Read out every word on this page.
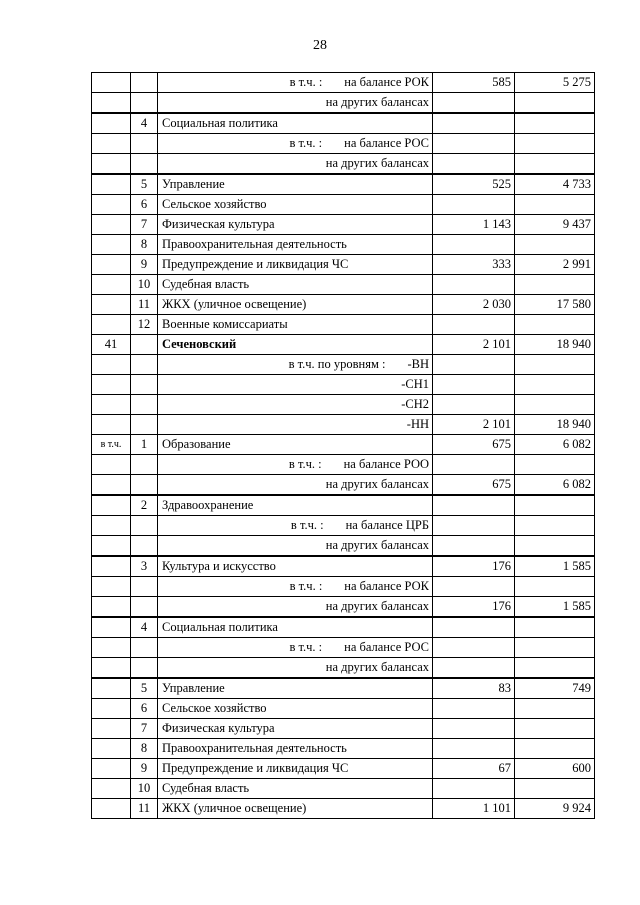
28
		в т.ч. : на балансе РОК	585	5 275
		на других балансах		
	4	Социальная политика		
		в т.ч. : на балансе РОС		
		на других балансах		
	5	Управление	525	4 733
	6	Сельское хозяйство		
	7	Физическая культура	1 143	9 437
	8	Правоохранительная деятельность		
	9	Предупреждение и ликвидация ЧС	333	2 991
	10	Судебная власть		
	11	ЖКХ (уличное освещение)	2 030	17 580
	12	Военные комиссариаты		
41		Сеченовский	2 101	18 940
		в т.ч. по уровням : -ВН		
		-СН1		
		-СН2		
		-НН	2 101	18 940
в т.ч.	1	Образование	675	6 082
		в т.ч. : на балансе РОО		
		на других балансах	675	6 082
	2	Здравоохранение		
		в т.ч. : на балансе ЦРБ		
		на других балансах		
	3	Культура и искусство	176	1 585
		в т.ч. : на балансе РОК		
		на других балансах	176	1 585
	4	Социальная политика		
		в т.ч. : на балансе РОС		
		на других балансах		
	5	Управление	83	749
	6	Сельское хозяйство		
	7	Физическая культура		
	8	Правоохранительная деятельность		
	9	Предупреждение и ликвидация ЧС	67	600
	10	Судебная власть		
	11	ЖКХ (уличное освещение)	1 101	9 924
